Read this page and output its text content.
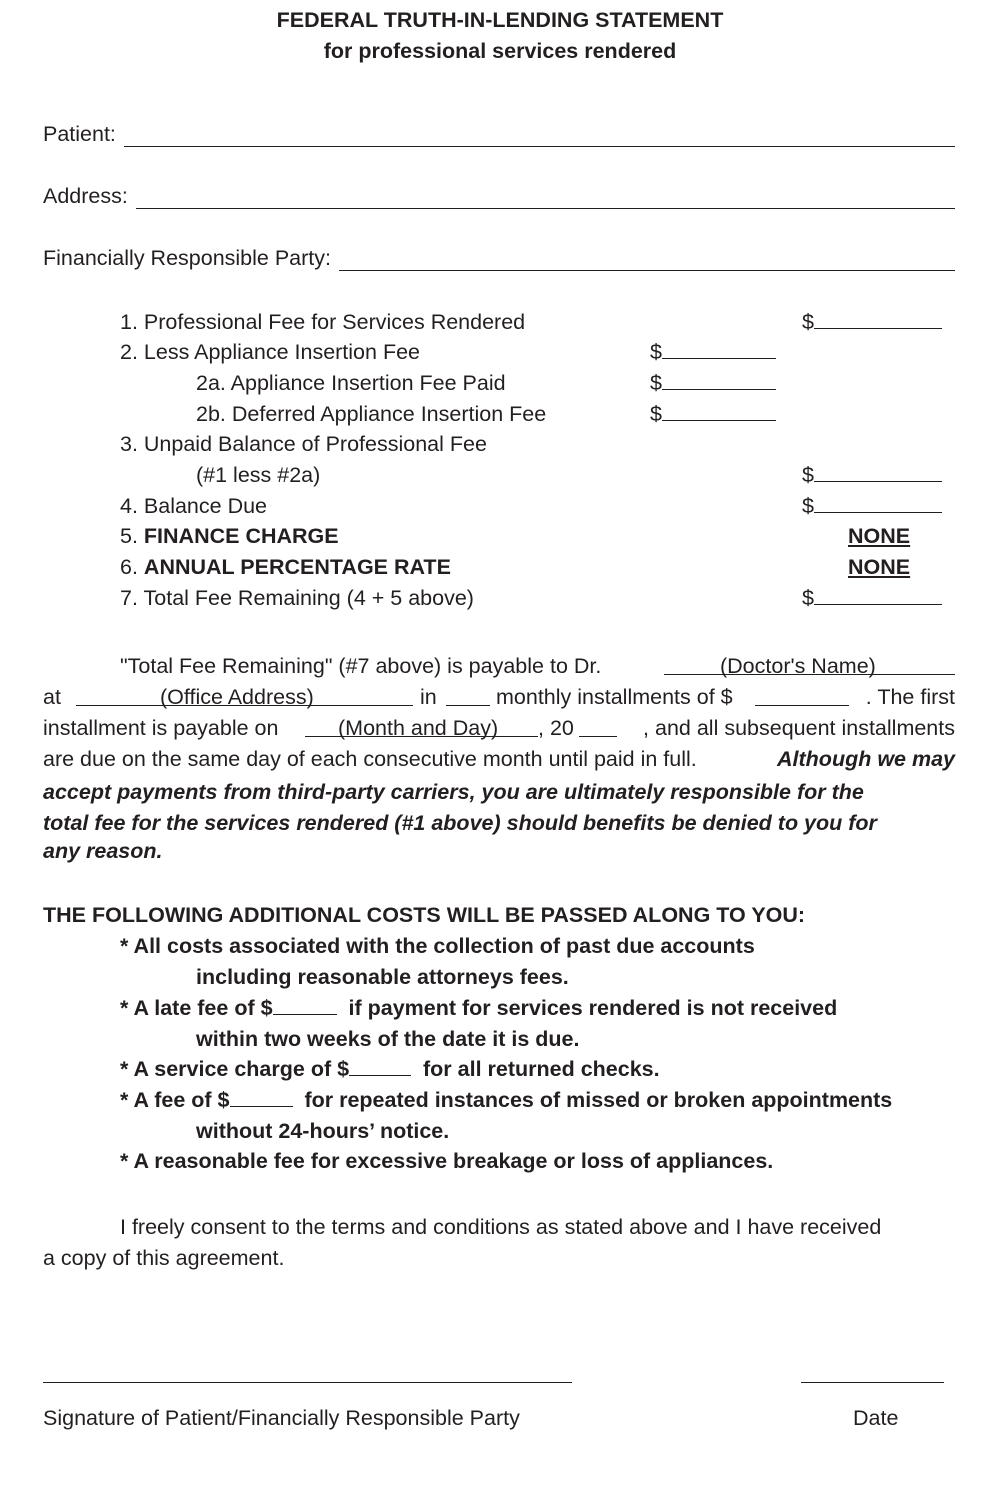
FEDERAL TRUTH-IN-LENDING STATEMENT
for professional services rendered
Patient:
Address:
Financially Responsible Party:
1. Professional Fee for Services Rendered	$
2. Less Appliance Insertion Fee	$
2a. Appliance Insertion Fee Paid	$
2b. Deferred Appliance Insertion Fee	$
3. Unpaid Balance of Professional Fee
(#1 less #2a)	$
4. Balance Due	$
5. FINANCE CHARGE	NONE
6. ANNUAL PERCENTAGE RATE	NONE
7. Total Fee Remaining (4 + 5 above)	$
"Total Fee Remaining" (#7 above) is payable to Dr.	(Doctor's Name)
at	(Office Address)	in	monthly installments of $	. The first
installment is payable on	(Month and Day) , 20	, and all subsequent installments
are due on the same day of each consecutive month until paid in full.	Although we may
accept payments from third-party carriers, you are ultimately responsible for the
total fee for the services rendered (#1 above) should benefits be denied to you for
any reason.
THE FOLLOWING ADDITIONAL COSTS WILL BE PASSED ALONG TO YOU:
* All costs associated with the collection of past due accounts
including reasonable attorneys fees.
* A late fee of $	if payment for services rendered is not received
within two weeks of the date it is due.
* A service charge of $	for all returned checks.
* A fee of $	for repeated instances of missed or broken appointments
without 24-hours’ notice.
* A reasonable fee for excessive breakage or loss of appliances.
I freely consent to the terms and conditions as stated above and I have received
a copy of this agreement.
Signature of Patient/Financially Responsible Party	Date
